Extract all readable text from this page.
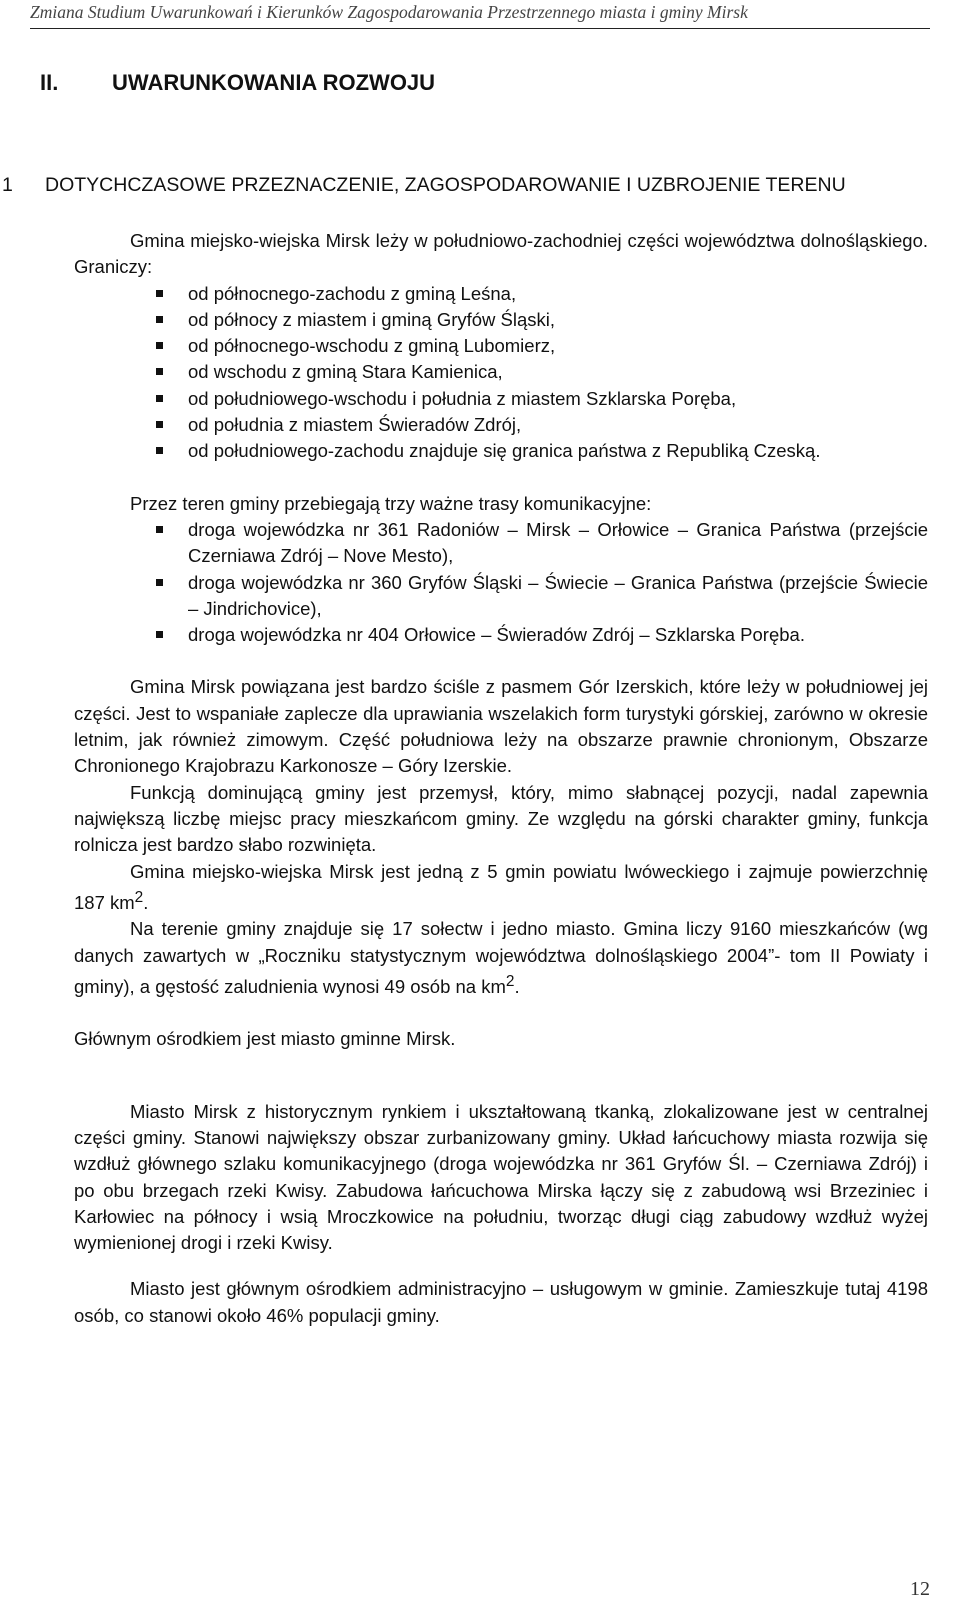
Zmiana Studium Uwarunkowań i Kierunków Zagospodarowania Przestrzennego miasta i gminy Mirsk
II. UWARUNKOWANIA ROZWOJU
1 DOTYCHCZASOWE PRZEZNACZENIE, ZAGOSPODAROWANIE I UZBROJENIE TERENU

Gmina miejsko-wiejska Mirsk leży w południowo-zachodniej części województwa dolnośląskiego. Graniczy:

od północnego-zachodu z gminą Leśna,
od północy z miastem i gminą Gryfów Śląski,
od północnego-wschodu z gminą Lubomierz,
od wschodu z gminą Stara Kamienica,
od południowego-wschodu i południa z miastem Szklarska Poręba,
od południa z miastem Świeradów Zdrój,
od południowego-zachodu znajduje się granica państwa z Republiką Czeską.

Przez teren gminy przebiegają trzy ważne trasy komunikacyjne:

droga wojewódzka nr 361 Radoniów – Mirsk – Orłowice – Granica Państwa (przejście Czerniawa Zdrój – Nove Mesto),
droga wojewódzka nr 360 Gryfów Śląski – Świecie – Granica Państwa (przejście Świecie – Jindrichovice),
droga wojewódzka nr 404 Orłowice – Świeradów Zdrój – Szklarska Poręba.

Gmina Mirsk powiązana jest bardzo ściśle z pasmem Gór Izerskich, które leży w południowej jej części. Jest to wspaniałe zaplecze dla uprawiania wszelakich form turystyki górskiej, zarówno w okresie letnim, jak również zimowym. Część południowa leży na obszarze prawnie chronionym, Obszarze Chronionego Krajobrazu Karkonosze – Góry Izerskie.

Funkcją dominującą gminy jest przemysł, który, mimo słabnącej pozycji, nadal zapewnia największą liczbę miejsc pracy mieszkańcom gminy. Ze względu na górski charakter gminy, funkcja rolnicza jest bardzo słabo rozwinięta.

Gmina miejsko-wiejska Mirsk jest jedną z 5 gmin powiatu lwóweckiego i zajmuje powierzchnię 187 $km^2$.

Na terenie gminy znajduje się 17 sołectw i jedno miasto. Gmina liczy 9160 mieszkańców (wg danych zawartych w „Roczniku statystycznym województwa dolnośląskiego 2004”- tom II Powiaty i gminy), a gęstość zaludnienia wynosi 49 osób na $km^2$.

Głównym ośrodkiem jest miasto gminne Mirsk.

Miasto Mirsk z historycznym rynkiem i ukształtowaną tkanką, zlokalizowane jest w centralnej części gminy. Stanowi największy obszar zurbanizowany gminy. Układ łańcuchowy miasta rozwija się wzdłuż głównego szlaku komunikacyjnego (droga wojewódzka nr 361 Gryfów Śl. – Czerniawa Zdrój) i po obu brzegach rzeki Kwisy. Zabudowa łańcuchowa Mirska łączy się z zabudową wsi Brzeziniec i Karłowiec na północy i wsią Mroczkowice na południu, tworząc długi ciąg zabudowy wzdłuż wyżej wymienionej drogi i rzeki Kwisy.

Miasto jest głównym ośrodkiem administracyjno – usługowym w gminie. Zamieszkuje tutaj 4198 osób, co stanowi około 46% populacji gminy.

12
